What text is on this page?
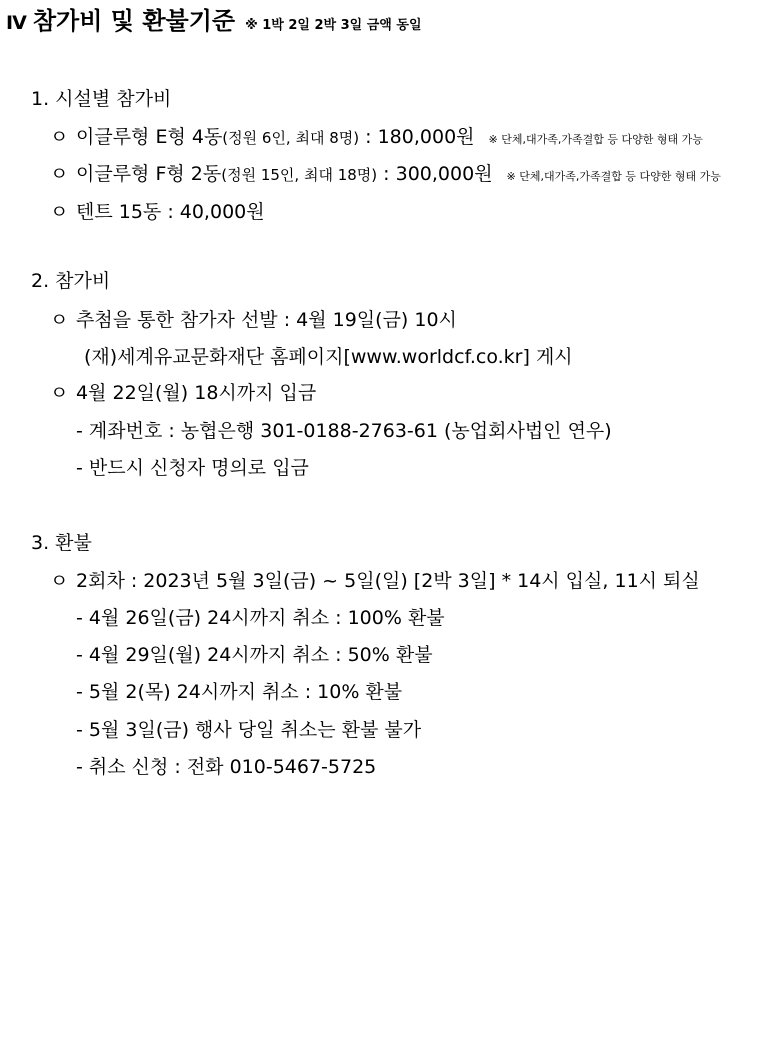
Ⅳ 참가비 및 환불기준 ※ 1박 2일 2박 3일 금액 동일
1. 시설별 참가비
ㅇ 이글루형 E형 4동(정원 6인, 최대 8명) : 180,000원 ※ 단체,대가족,가족결합 등 다양한 형태 가능
ㅇ 이글루형 F형 2동(정원 15인, 최대 18명) : 300,000원 ※ 단체,대가족,가족결합 등 다양한 형태 가능
ㅇ 텐트 15동 : 40,000원
2. 참가비
ㅇ 추첨을 통한 참가자 선발 : 4월 19일(금) 10시
(재)세계유교문화재단 홈페이지[www.worldcf.co.kr] 게시
ㅇ 4월 22일(월) 18시까지 입금
- 계좌번호 : 농협은행 301-0188-2763-61 (농업회사법인 연우)
- 반드시 신청자 명의로 입금
3. 환불
ㅇ 2회차 : 2023년 5월 3일(금) ~ 5일(일) [2박 3일] * 14시 입실, 11시 퇴실
- 4월 26일(금) 24시까지 취소 : 100% 환불
- 4월 29일(월) 24시까지 취소 : 50% 환불
- 5월 2(목) 24시까지 취소 : 10% 환불
- 5월 3일(금) 행사 당일 취소는 환불 불가
- 취소 신청 : 전화 010-5467-5725
